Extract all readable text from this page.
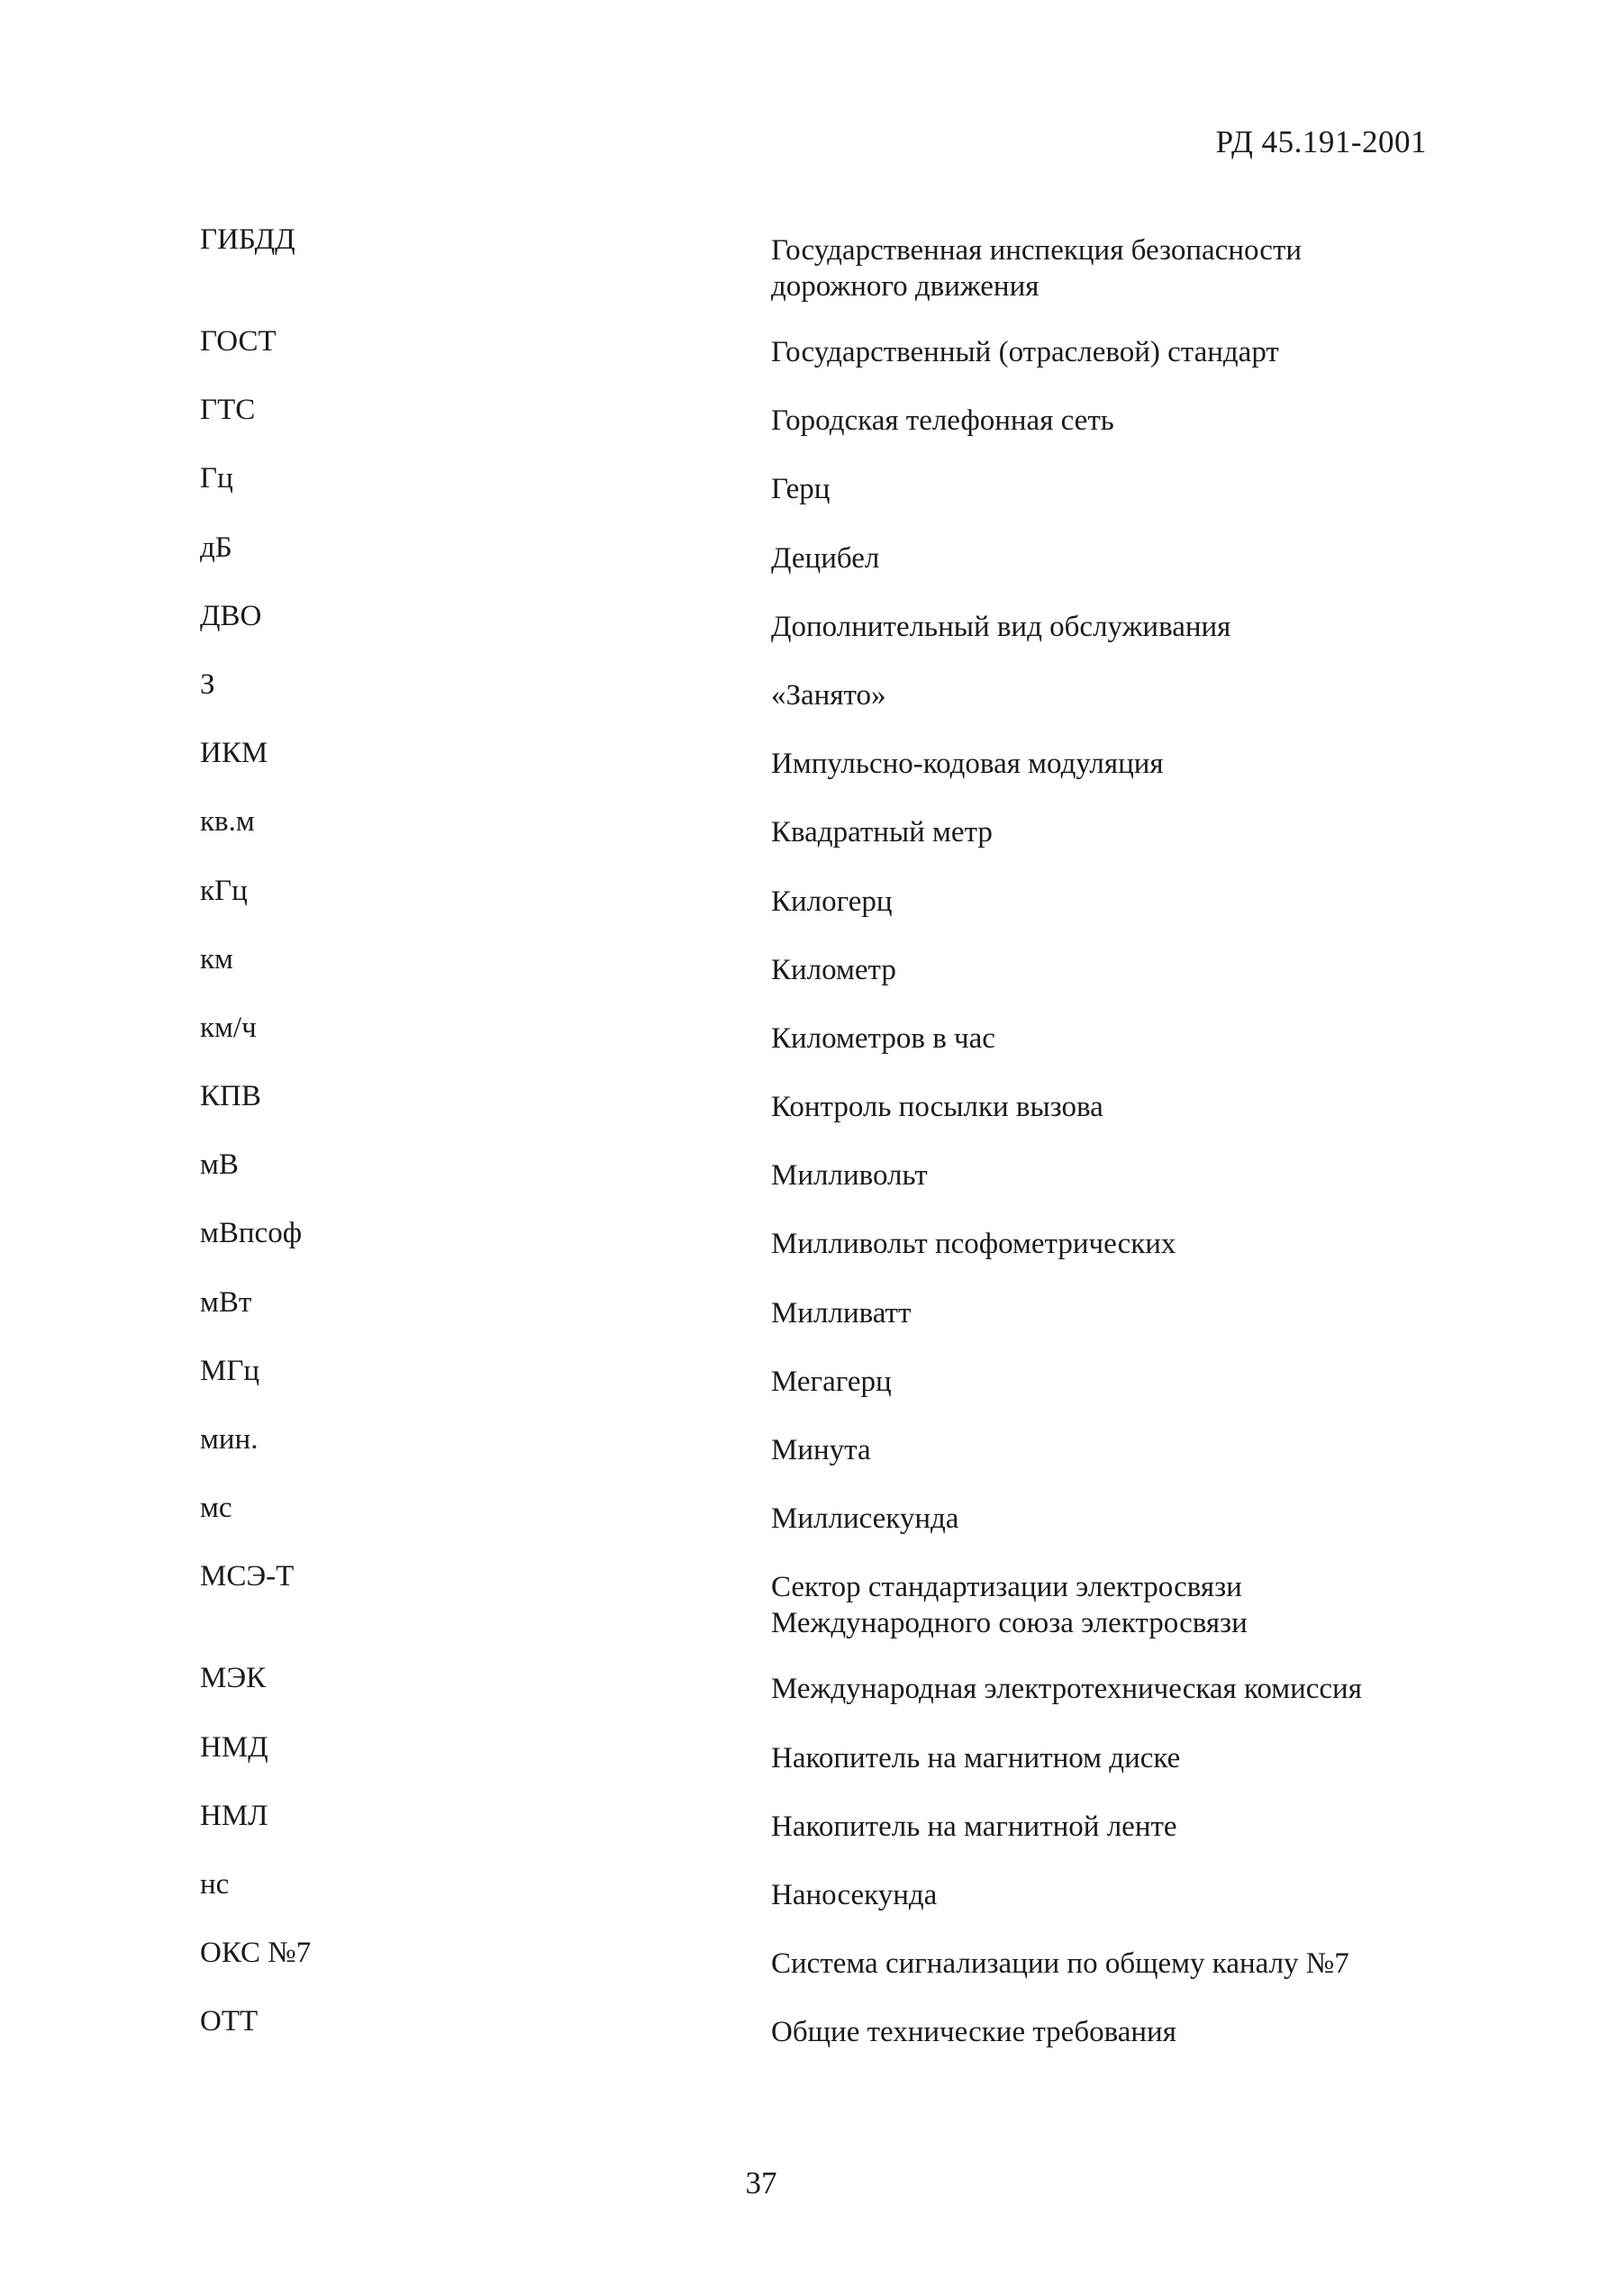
РД 45.191-2001
ГИБДД	Государственная инспекция безопасности
дорожного движения
ГОСТ	Государственный (отраслевой) стандарт
ГТС	Городская телефонная сеть
Гц	Герц
дБ	Децибел
ДВО	Дополнительный вид обслуживания
З	«Занято»
ИКМ	Импульсно-кодовая модуляция
кв.м	Квадратный метр
кГц	Килогерц
км	Километр
км/ч	Километров в час
КПВ	Контроль посылки вызова
мВ	Милливольт
мВпсоф	Милливольт псофометрических
мВт	Милливатт
МГц	Мегагерц
мин.	Минута
мс	Миллисекунда
МСЭ-Т	Сектор стандартизации электросвязи
Международного союза электросвязи
МЭК	Международная электротехническая комиссия
НМД	Накопитель на магнитном диске
НМЛ	Накопитель на магнитной ленте
нс	Наносекунда
ОКС №7	Система сигнализации по общему каналу №7
ОТТ	Общие технические требования
37
